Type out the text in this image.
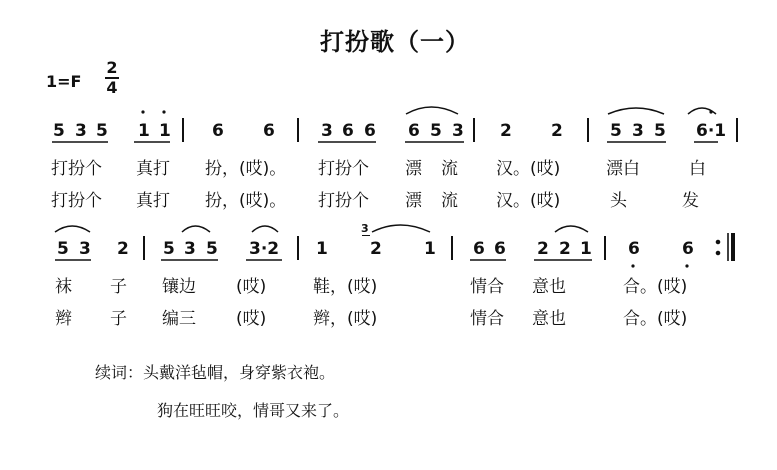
打扮歌（一）
1=F
2
4
5 3 5 1 1 6 6	3 6 6 6 5 3 2 2	5 3 5 6·1
打扮个 真打 扮，(哎)。 打扮个 漂 流 汉。(哎)	漂白	白
打扮个 真打 扮，(哎)。 打扮个 漂 流 汉。(哎)	头	发
5 3 2 5 3 5 3·2 1 2 1 6 6 2 2 1 6 6
袜 子 镶边 (哎)	鞋，(哎)	情合 意也	合。(哎)
辫 子 编三 (哎)	辫，(哎)	情合 意也	合。(哎)
3
续词：头戴洋毡帽，身穿紫衣袍。
狗在旺旺咬，情哥又来了。
